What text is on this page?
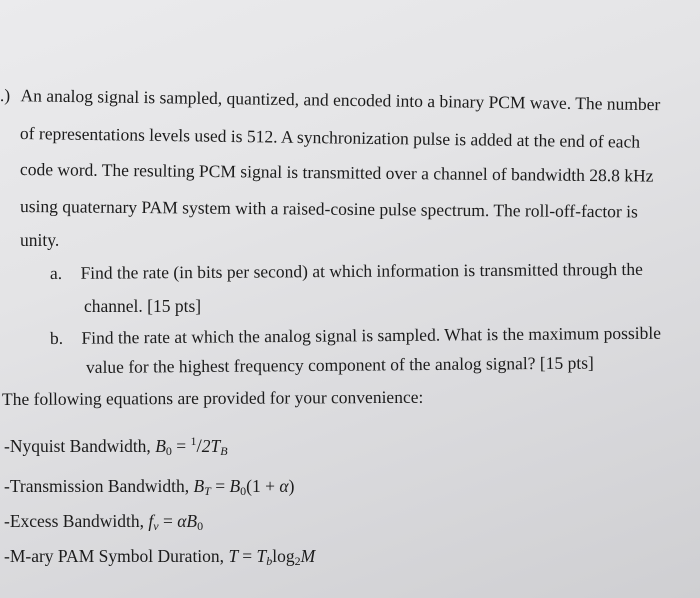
.) An analog signal is sampled, quantized, and encoded into a binary PCM wave. The number
of representations levels used is 512. A synchronization pulse is added at the end of each
code word. The resulting PCM signal is transmitted over a channel of bandwidth 28.8 kHz
using quaternary PAM system with a raised-cosine pulse spectrum. The roll-off-factor is
unity.
a. Find the rate (in bits per second) at which information is transmitted through the
channel. [15 pts]
b. Find the rate at which the analog signal is sampled. What is the maximum possible
value for the highest frequency component of the analog signal? [15 pts]
The following equations are provided for your convenience:
-Nyquist Bandwidth, $B_0 = ^1/2T_B$
-Transmission Bandwidth, $B_T = B_0(1 + \alpha)$
-Excess Bandwidth, $f_\nu = \alpha B_0$
-M-ary PAM Symbol Duration, $T = T_b\log_2M$
